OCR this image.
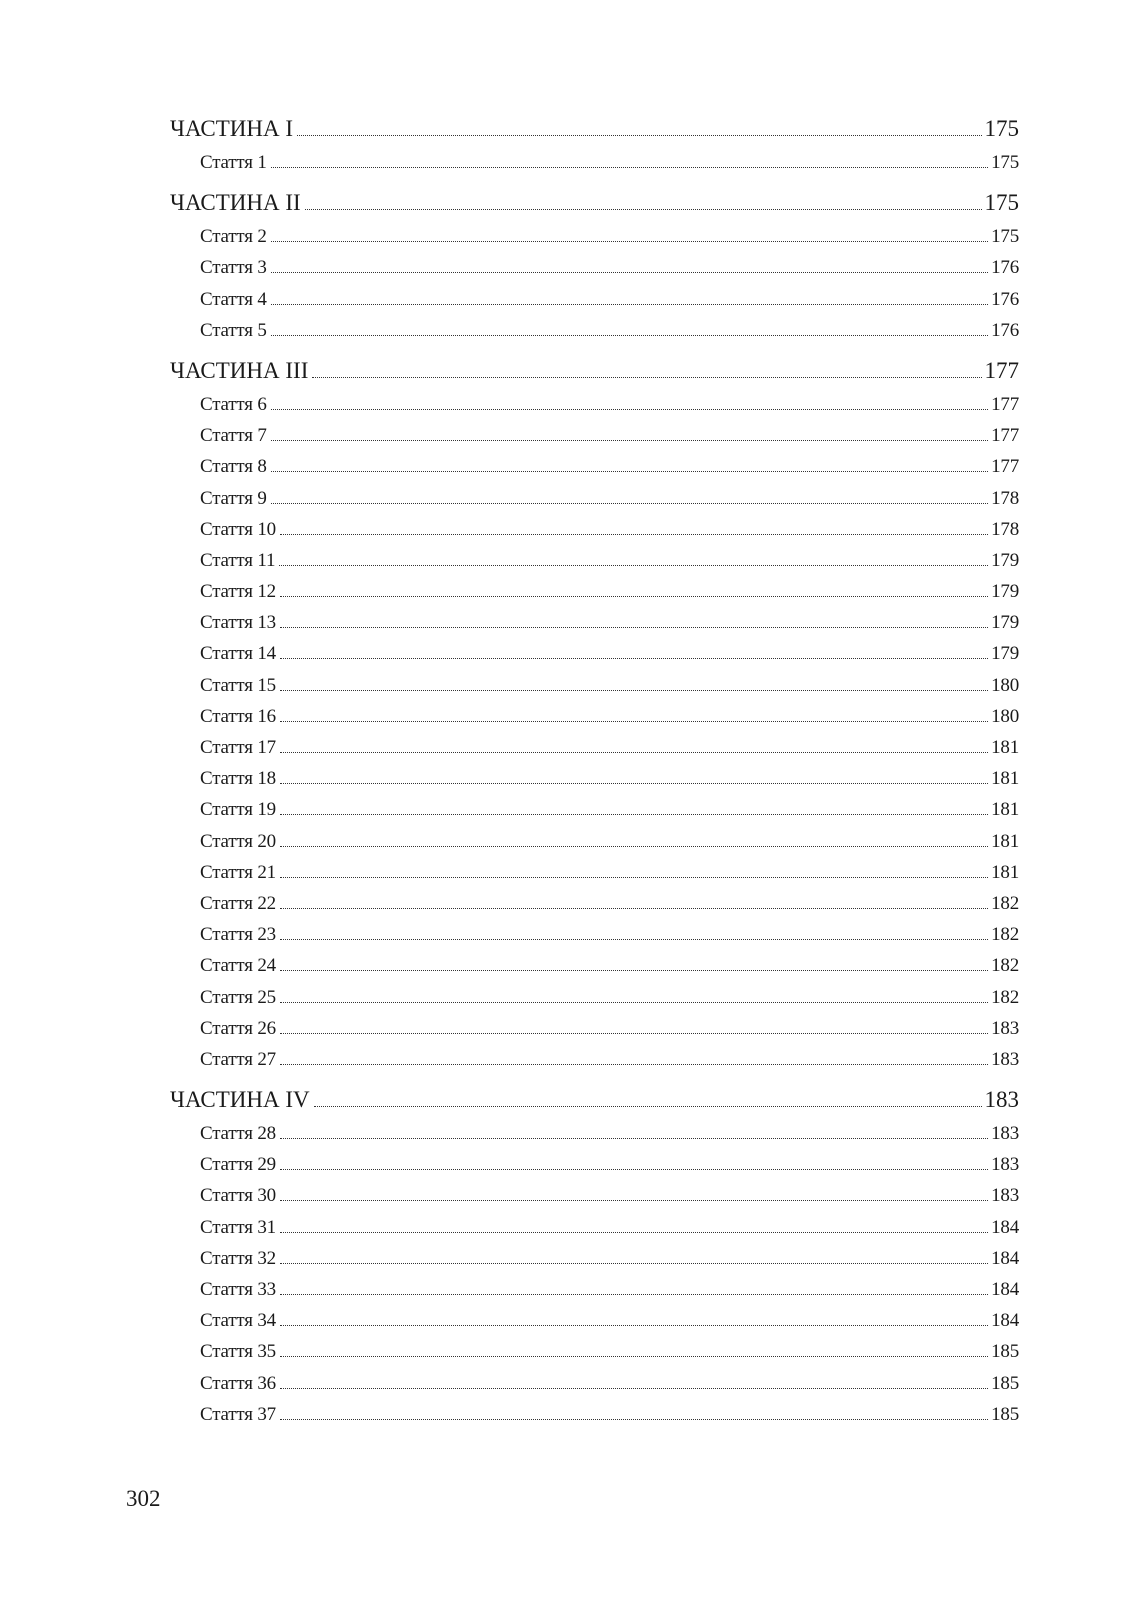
ЧАСТИНА I	175
Стаття 1	175
ЧАСТИНА II	175
Стаття 2	175
Стаття 3	176
Стаття 4	176
Стаття 5	176
ЧАСТИНА III	177
Стаття 6	177
Стаття 7	177
Стаття 8	177
Стаття 9	178
Стаття 10	178
Стаття 11	179
Стаття 12	179
Стаття 13	179
Стаття 14	179
Стаття 15	180
Стаття 16	180
Стаття 17	181
Стаття 18	181
Стаття 19	181
Стаття 20	181
Стаття 21	181
Стаття 22	182
Стаття 23	182
Стаття 24	182
Стаття 25	182
Стаття 26	183
Стаття 27	183
ЧАСТИНА IV	183
Стаття 28	183
Стаття 29	183
Стаття 30	183
Стаття 31	184
Стаття 32	184
Стаття 33	184
Стаття 34	184
Стаття 35	185
Стаття 36	185
Стаття 37	185
302
